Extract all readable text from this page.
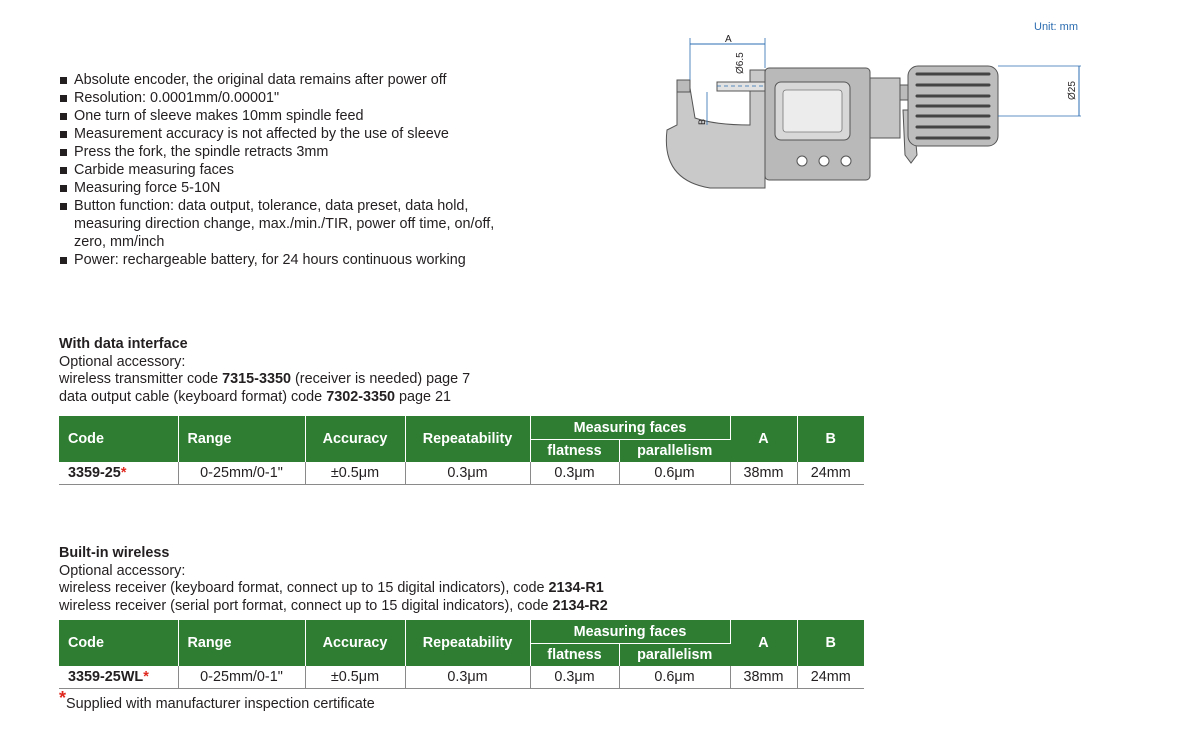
Unit: mm
A
Ø6.5
B
Ø25
Absolute encoder, the original data remains after power off
Resolution: 0.0001mm/0.00001"
One turn of sleeve makes 10mm spindle feed
Measurement accuracy is not affected by the use of sleeve
Press the fork, the spindle retracts 3mm
Carbide measuring faces
Measuring force 5-10N
Button function: data output, tolerance, data preset, data hold, measuring direction change, max./min./TIR, power off time, on/off, zero, mm/inch
Power: rechargeable battery, for 24 hours continuous working
With data interface
Optional accessory:
wireless transmitter code 7315-3350 (receiver is needed) page 7
data output cable (keyboard format) code 7302-3350 page 21
Code	Range	Accuracy	Repeatability	Measuring faces		A	B
				flatness	parallelism		
3359-25*	0-25mm/0-1"	±0.5μm	0.3μm	0.3μm	0.6μm	38mm	24mm
Built-in wireless
Optional accessory:
wireless receiver (keyboard format, connect up to 15 digital indicators), code 2134-R1
wireless receiver (serial port format, connect up to 15 digital indicators), code 2134-R2
Code	Range	Accuracy	Repeatability	Measuring faces		A	B
				flatness	parallelism		
3359-25WL*	0-25mm/0-1"	±0.5μm	0.3μm	0.3μm	0.6μm	38mm	24mm
*Supplied with manufacturer inspection certificate
